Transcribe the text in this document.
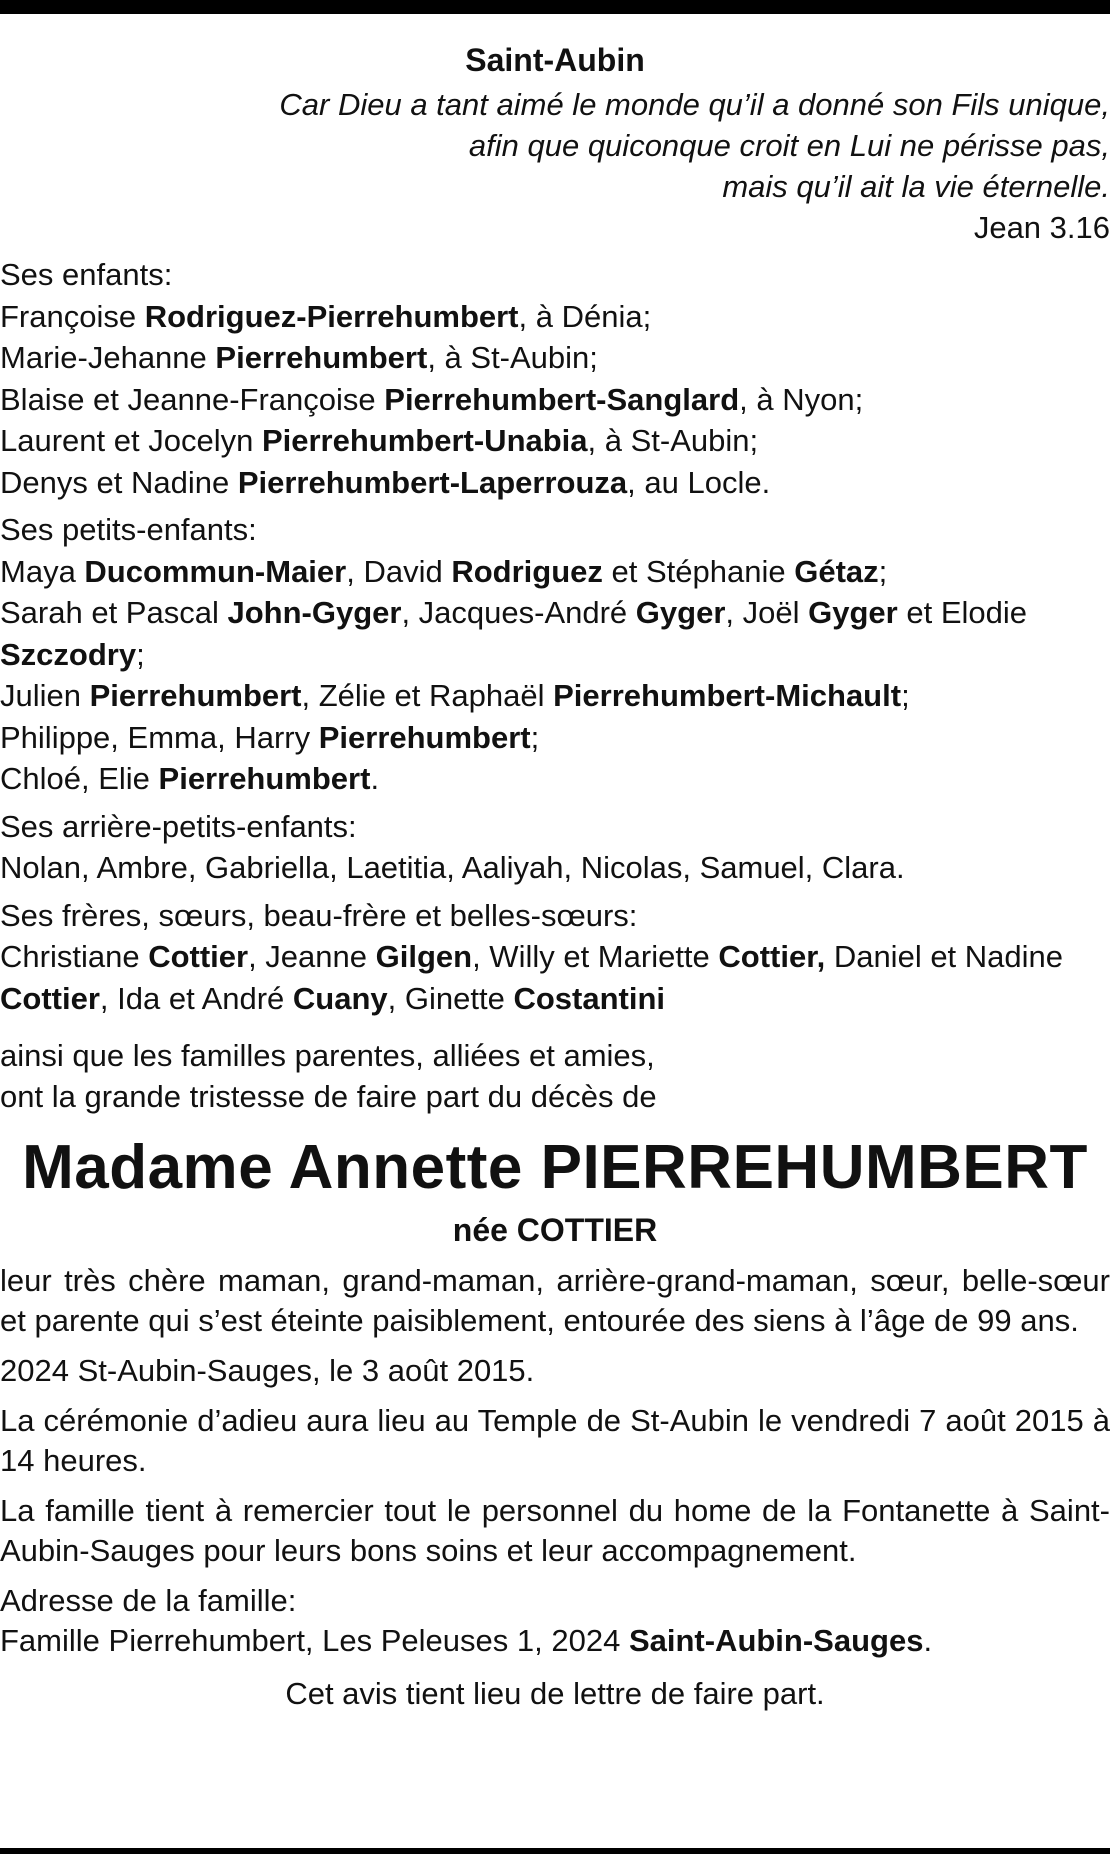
Saint-Aubin
Car Dieu a tant aimé le monde qu’il a donné son Fils unique,
afin que quiconque croit en Lui ne périsse pas,
mais qu’il ait la vie éternelle.
Jean 3.16
Ses enfants:
Françoise Rodriguez-Pierrehumbert, à Dénia;
Marie-Jehanne Pierrehumbert, à St-Aubin;
Blaise et Jeanne-Françoise Pierrehumbert-Sanglard, à Nyon;
Laurent et Jocelyn Pierrehumbert-Unabia, à St-Aubin;
Denys et Nadine Pierrehumbert-Laperrouza, au Locle.
Ses petits-enfants:
Maya Ducommun-Maier, David Rodriguez et Stéphanie Gétaz;
Sarah et Pascal John-Gyger, Jacques-André Gyger, Joël Gyger et Elodie Szczodry;
Julien Pierrehumbert, Zélie et Raphaël Pierrehumbert-Michault;
Philippe, Emma, Harry Pierrehumbert;
Chloé, Elie Pierrehumbert.
Ses arrière-petits-enfants:
Nolan, Ambre, Gabriella, Laetitia, Aaliyah, Nicolas, Samuel, Clara.
Ses frères, sœurs, beau-frère et belles-sœurs:
Christiane Cottier, Jeanne Gilgen, Willy et Mariette Cottier, Daniel et Nadine Cottier, Ida et André Cuany, Ginette Costantini
ainsi que les familles parentes, alliées et amies,
ont la grande tristesse de faire part du décès de
Madame Annette PIERREHUMBERT
née COTTIER
leur très chère maman, grand-maman, arrière-grand-maman, sœur, belle-sœur et parente qui s’est éteinte paisiblement, entourée des siens à l’âge de 99 ans.
2024 St-Aubin-Sauges, le 3 août 2015.
La cérémonie d’adieu aura lieu au Temple de St-Aubin le vendredi 7 août 2015 à 14 heures.
La famille tient à remercier tout le personnel du home de la Fontanette à Saint-Aubin-Sauges pour leurs bons soins et leur accompagnement.
Adresse de la famille:
Famille Pierrehumbert, Les Peleuses 1, 2024 Saint-Aubin-Sauges.
Cet avis tient lieu de lettre de faire part.
